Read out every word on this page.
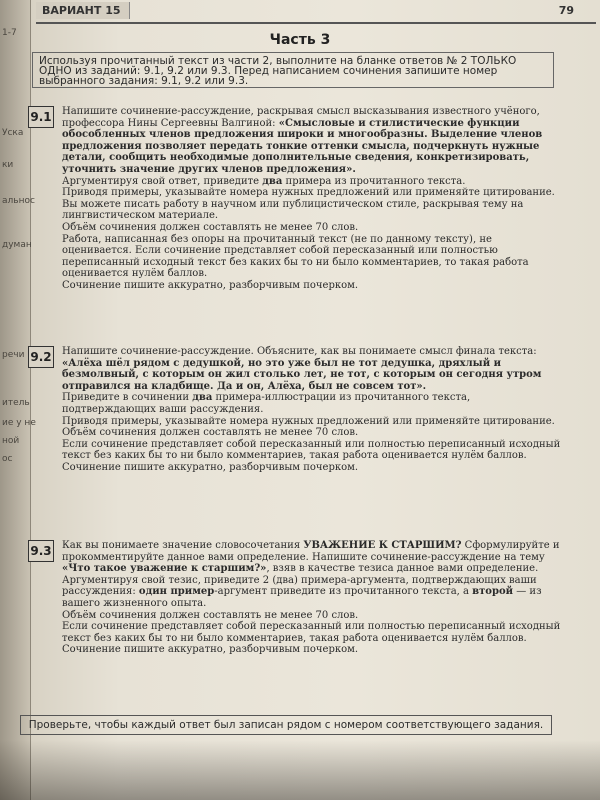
1-7
Уска
ки
альнос
думан
речи
итель
ие у не
ной
ос
ВАРИАНТ 15	79
Часть 3
Используя прочитанный текст из части 2, выполните на бланке ответов № 2 ТОЛЬКО ОДНО из заданий: 9.1, 9.2 или 9.3. Перед написанием сочинения запишите номер выбранного задания: 9.1, 9.2 или 9.3.
9.1 Напишите сочинение-рассуждение, раскрывая смысл высказывания известного учёного, профессора Нины Сергеевны Валгиной: «Смысловые и стилистические функции обособленных членов предложения широки и многообразны. Выделение членов предложения позволяет передать тонкие оттенки смысла, подчеркнуть нужные детали, сообщить необходимые дополнительные сведения, конкретизировать, уточнить значение других членов предложения».

Аргументируя свой ответ, приведите два примера из прочитанного текста.

Приводя примеры, указывайте номера нужных предложений или применяйте цитирование.

Вы можете писать работу в научном или публицистическом стиле, раскрывая тему на лингвистическом материале.

Объём сочинения должен составлять не менее 70 слов.

Работа, написанная без опоры на прочитанный текст (не по данному тексту), не оценивается. Если сочинение представляет собой пересказанный или полностью переписанный исходный текст без каких бы то ни было комментариев, то такая работа оценивается нулём баллов.

Сочинение пишите аккуратно, разборчивым почерком.

9.2 Напишите сочинение-рассуждение. Объясните, как вы понимаете смысл финала текста: «Алёха шёл рядом с дедушкой, но это уже был не тот дедушка, дряхлый и безмолвный, с которым он жил столько лет, не тот, с которым он сегодня утром отправился на кладбище. Да и он, Алёха, был не совсем тот».

Приведите в сочинении два примера-иллюстрации из прочитанного текста, подтверждающих ваши рассуждения.

Приводя примеры, указывайте номера нужных предложений или применяйте цитирование.

Объём сочинения должен составлять не менее 70 слов.

Если сочинение представляет собой пересказанный или полностью переписанный исходный текст без каких бы то ни было комментариев, такая работа оценивается нулём баллов.

Сочинение пишите аккуратно, разборчивым почерком.

9.3 Как вы понимаете значение словосочетания УВАЖЕНИЕ К СТАРШИМ? Сформулируйте и прокомментируйте данное вами определение. Напишите сочинение-рассуждение на тему «Что такое уважение к старшим?», взяв в качестве тезиса данное вами определение. Аргументируя свой тезис, приведите 2 (два) примера-аргумента, подтверждающих ваши рассуждения: один пример-аргумент приведите из прочитанного текста, а второй — из вашего жизненного опыта.

Объём сочинения должен составлять не менее 70 слов.

Если сочинение представляет собой пересказанный или полностью переписанный исходный текст без каких бы то ни было комментариев, такая работа оценивается нулём баллов.

Сочинение пишите аккуратно, разборчивым почерком.

Проверьте, чтобы каждый ответ был записан рядом с номером соответствующего задания.
